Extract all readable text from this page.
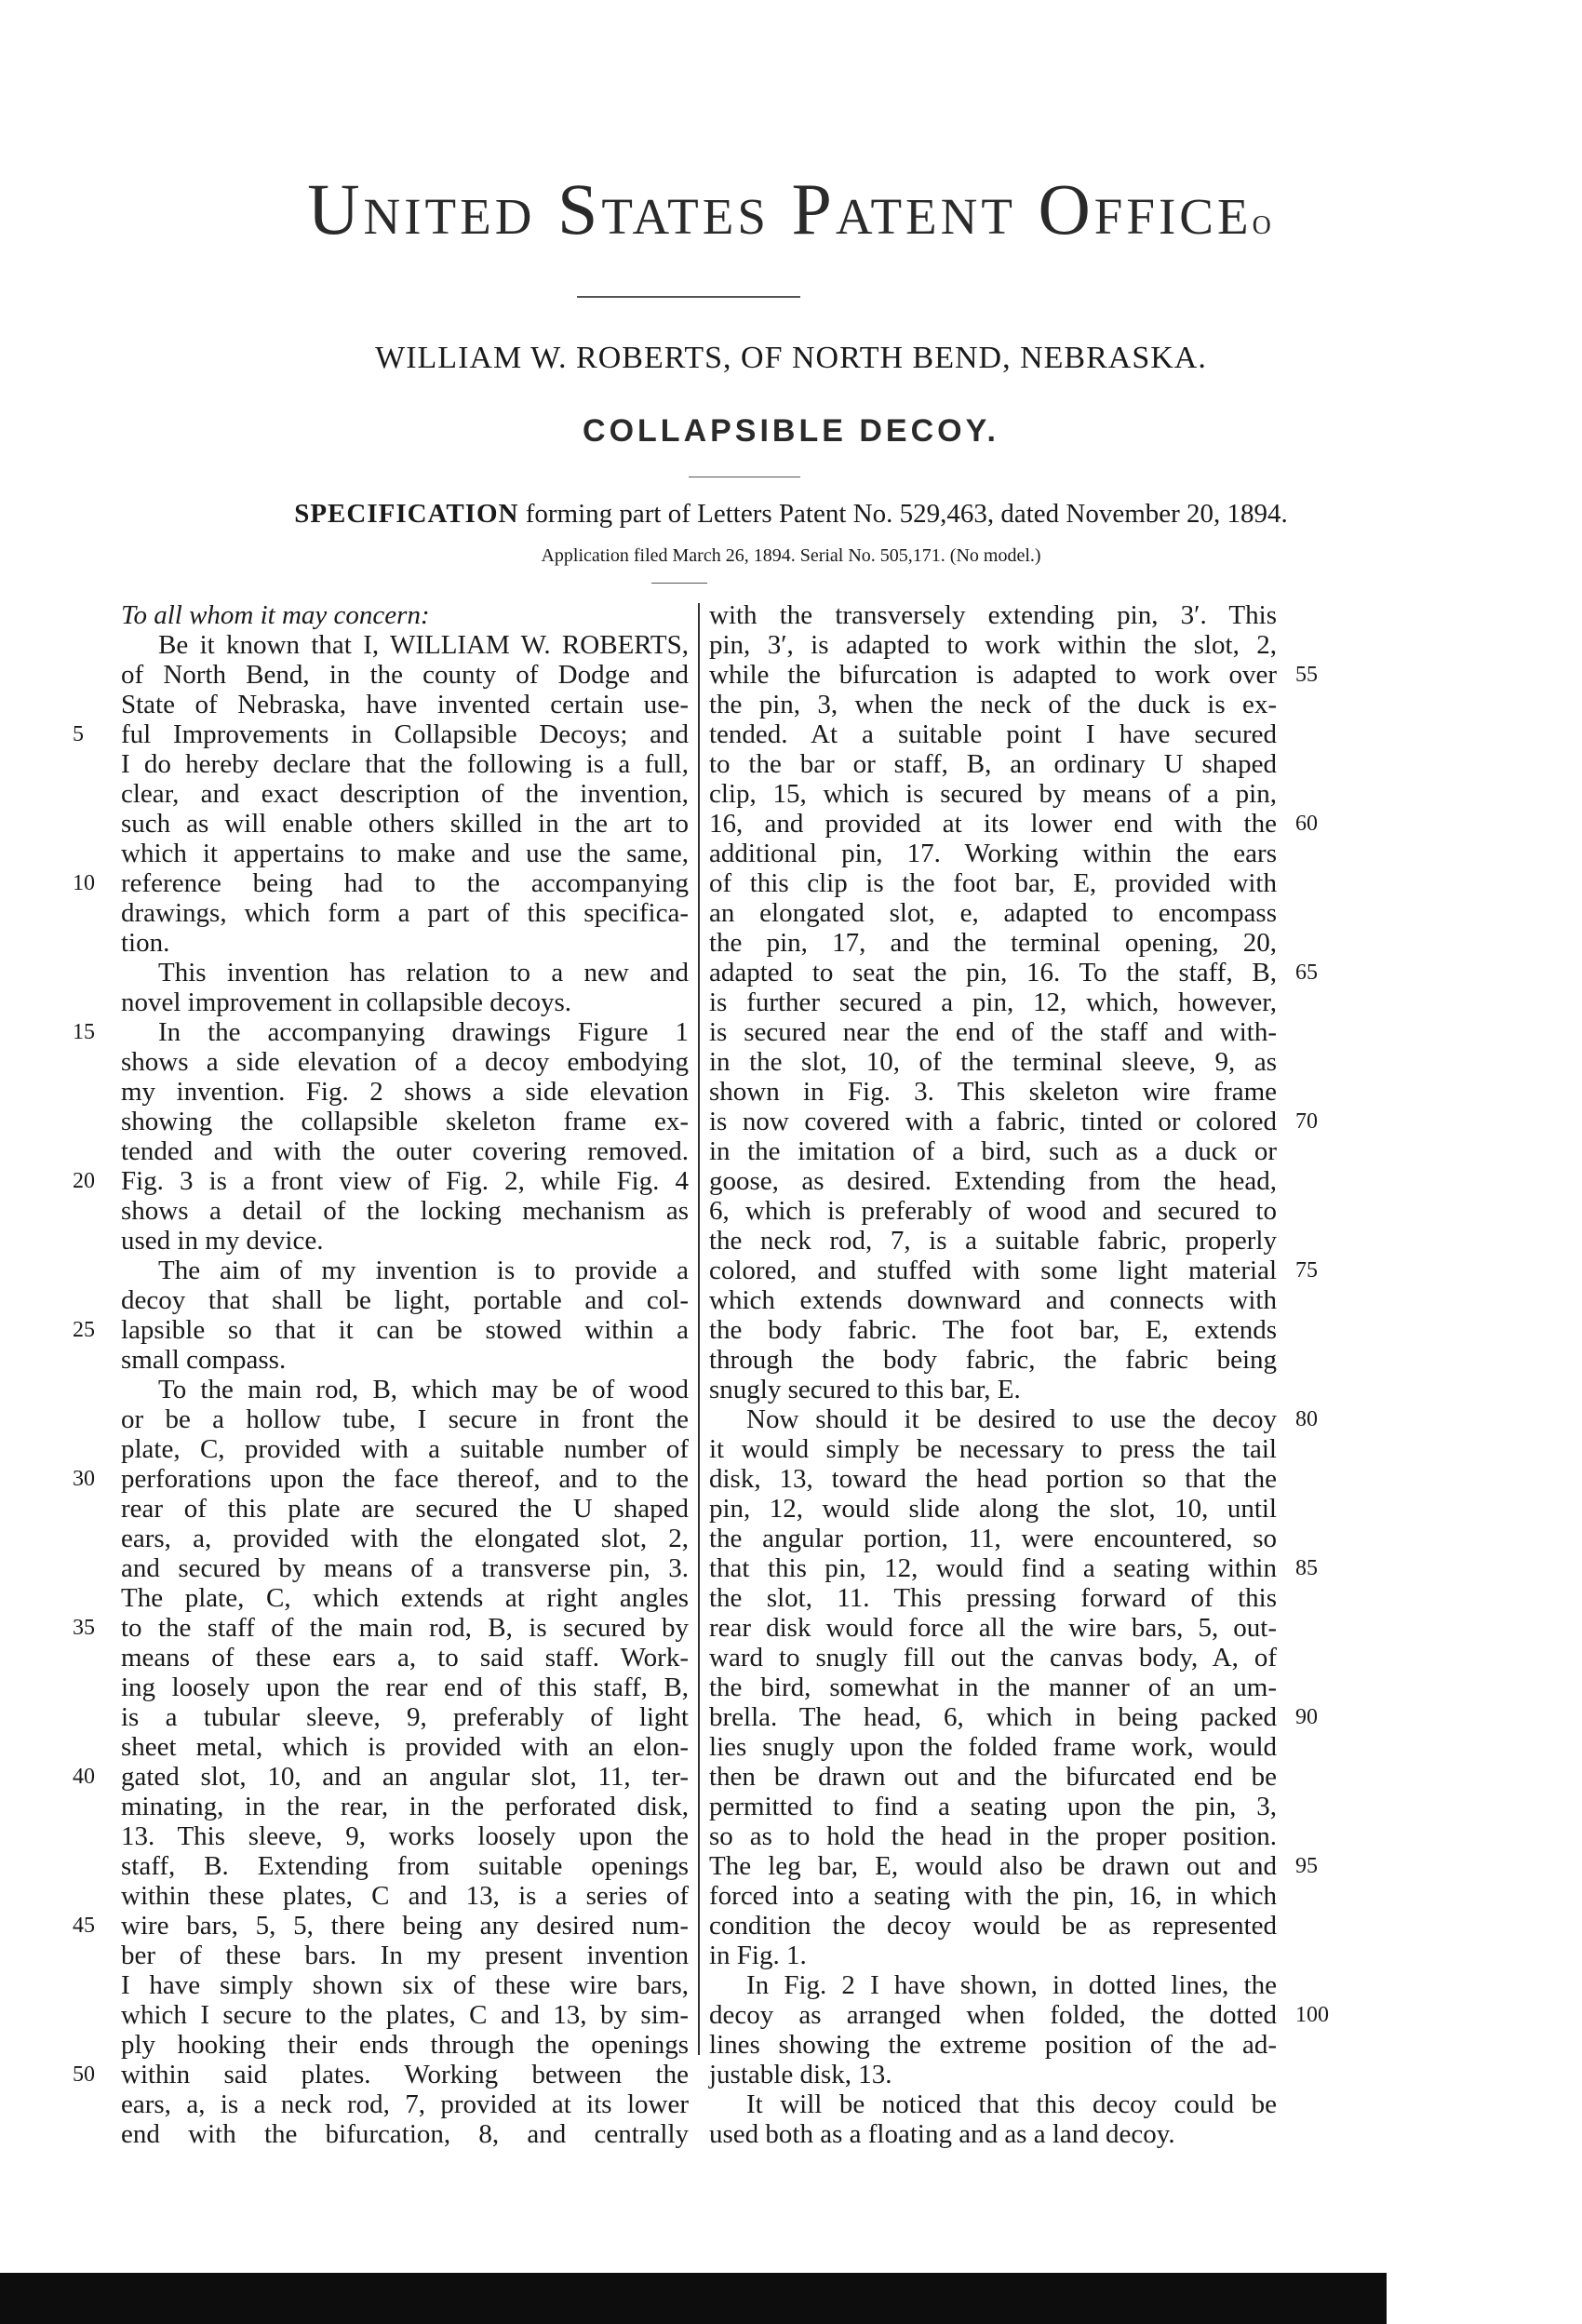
United States Patent Officeo
WILLIAM W. ROBERTS, OF NORTH BEND, NEBRASKA.
COLLAPSIBLE DECOY.
SPECIFICATION forming part of Letters Patent No. 529,463, dated November 20, 1894.
Application filed March 26, 1894. Serial No. 505,171. (No model.)
To all whom it may concern:
Be it known that I, WILLIAM W. ROBERTS,
of North Bend, in the county of Dodge and
State of Nebraska, have invented certain use-
ful Improvements in Collapsible Decoys; and
I do hereby declare that the following is a full,
clear, and exact description of the invention,
such as will enable others skilled in the art to
which it appertains to make and use the same,
reference being had to the accompanying
drawings, which form a part of this specifica-
tion.
This invention has relation to a new and
novel improvement in collapsible decoys.
In the accompanying drawings Figure 1
shows a side elevation of a decoy embodying
my invention. Fig. 2 shows a side elevation
showing the collapsible skeleton frame ex-
tended and with the outer covering removed.
Fig. 3 is a front view of Fig. 2, while Fig. 4
shows a detail of the locking mechanism as
used in my device.
The aim of my invention is to provide a
decoy that shall be light, portable and col-
lapsible so that it can be stowed within a
small compass.
To the main rod, B, which may be of wood
or be a hollow tube, I secure in front the
plate, C, provided with a suitable number of
perforations upon the face thereof, and to the
rear of this plate are secured the U shaped
ears, a, provided with the elongated slot, 2,
and secured by means of a transverse pin, 3.
The plate, C, which extends at right angles
to the staff of the main rod, B, is secured by
means of these ears a, to said staff. Work-
ing loosely upon the rear end of this staff, B,
is a tubular sleeve, 9, preferably of light
sheet metal, which is provided with an elon-
gated slot, 10, and an angular slot, 11, ter-
minating, in the rear, in the perforated disk,
13. This sleeve, 9, works loosely upon the
staff, B. Extending from suitable openings
within these plates, C and 13, is a series of
wire bars, 5, 5, there being any desired num-
ber of these bars. In my present invention
I have simply shown six of these wire bars,
which I secure to the plates, C and 13, by sim-
ply hooking their ends through the openings
within said plates. Working between the
ears, a, is a neck rod, 7, provided at its lower
end with the bifurcation, 8, and centrally
with the transversely extending pin, 3′. This
pin, 3′, is adapted to work within the slot, 2,
while the bifurcation is adapted to work over
the pin, 3, when the neck of the duck is ex-
tended. At a suitable point I have secured
to the bar or staff, B, an ordinary U shaped
clip, 15, which is secured by means of a pin,
16, and provided at its lower end with the
additional pin, 17. Working within the ears
of this clip is the foot bar, E, provided with
an elongated slot, e, adapted to encompass
the pin, 17, and the terminal opening, 20,
adapted to seat the pin, 16. To the staff, B,
is further secured a pin, 12, which, however,
is secured near the end of the staff and with-
in the slot, 10, of the terminal sleeve, 9, as
shown in Fig. 3. This skeleton wire frame
is now covered with a fabric, tinted or colored
in the imitation of a bird, such as a duck or
goose, as desired. Extending from the head,
6, which is preferably of wood and secured to
the neck rod, 7, is a suitable fabric, properly
colored, and stuffed with some light material
which extends downward and connects with
the body fabric. The foot bar, E, extends
through the body fabric, the fabric being
snugly secured to this bar, E.
Now should it be desired to use the decoy
it would simply be necessary to press the tail
disk, 13, toward the head portion so that the
pin, 12, would slide along the slot, 10, until
the angular portion, 11, were encountered, so
that this pin, 12, would find a seating within
the slot, 11. This pressing forward of this
rear disk would force all the wire bars, 5, out-
ward to snugly fill out the canvas body, A, of
the bird, somewhat in the manner of an um-
brella. The head, 6, which in being packed
lies snugly upon the folded frame work, would
then be drawn out and the bifurcated end be
permitted to find a seating upon the pin, 3,
so as to hold the head in the proper position.
The leg bar, E, would also be drawn out and
forced into a seating with the pin, 16, in which
condition the decoy would be as represented
in Fig. 1.
In Fig. 2 I have shown, in dotted lines, the
decoy as arranged when folded, the dotted
lines showing the extreme position of the ad-
justable disk, 13.
It will be noticed that this decoy could be
used both as a floating and as a land decoy.
5
10
15
20
25
30
35
40
45
50
55
60
65
70
75
80
85
90
95
100
